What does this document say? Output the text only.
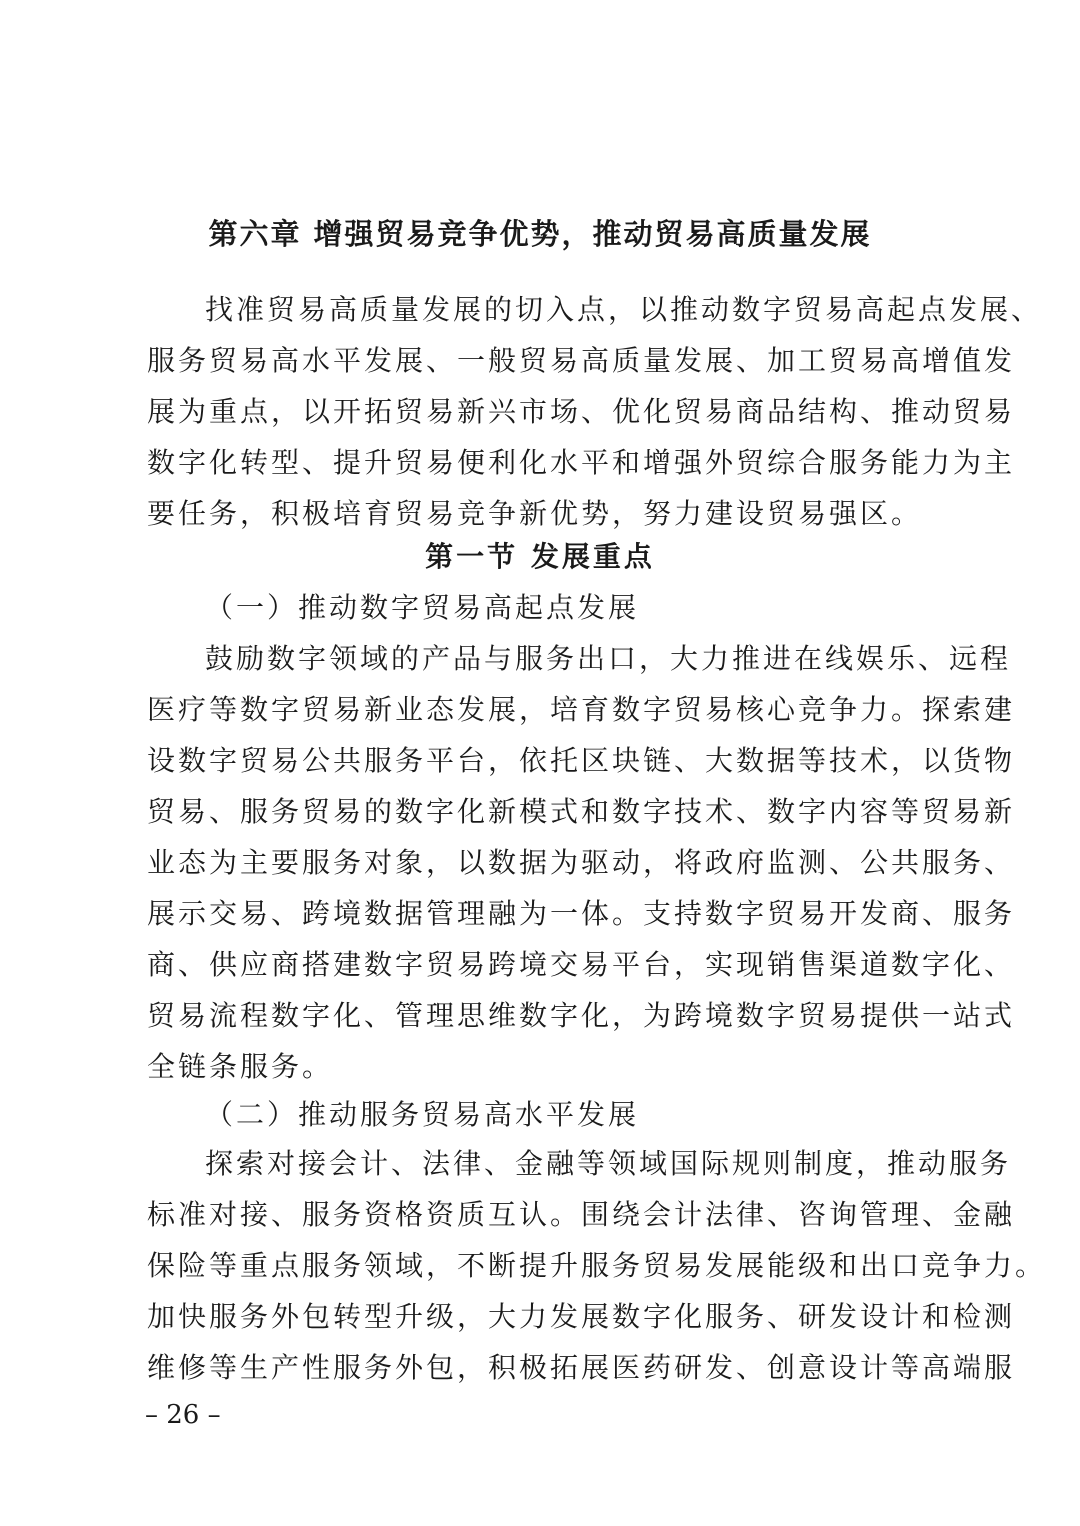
第六章 增强贸易竞争优势，推动贸易高质量发展
找准贸易高质量发展的切入点，以推动数字贸易高起点发展、
服务贸易高水平发展、一般贸易高质量发展、加工贸易高增值发
展为重点，以开拓贸易新兴市场、优化贸易商品结构、推动贸易
数字化转型、提升贸易便利化水平和增强外贸综合服务能力为主
要任务，积极培育贸易竞争新优势，努力建设贸易强区。
第一节 发展重点
（一）推动数字贸易高起点发展
鼓励数字领域的产品与服务出口，大力推进在线娱乐、远程
医疗等数字贸易新业态发展，培育数字贸易核心竞争力。探索建
设数字贸易公共服务平台，依托区块链、大数据等技术，以货物
贸易、服务贸易的数字化新模式和数字技术、数字内容等贸易新
业态为主要服务对象，以数据为驱动，将政府监测、公共服务、
展示交易、跨境数据管理融为一体。支持数字贸易开发商、服务
商、供应商搭建数字贸易跨境交易平台，实现销售渠道数字化、
贸易流程数字化、管理思维数字化，为跨境数字贸易提供一站式
全链条服务。
（二）推动服务贸易高水平发展
探索对接会计、法律、金融等领域国际规则制度，推动服务
标准对接、服务资格资质互认。围绕会计法律、咨询管理、金融
保险等重点服务领域，不断提升服务贸易发展能级和出口竞争力。
加快服务外包转型升级，大力发展数字化服务、研发设计和检测
维修等生产性服务外包，积极拓展医药研发、创意设计等高端服
– 26 –
